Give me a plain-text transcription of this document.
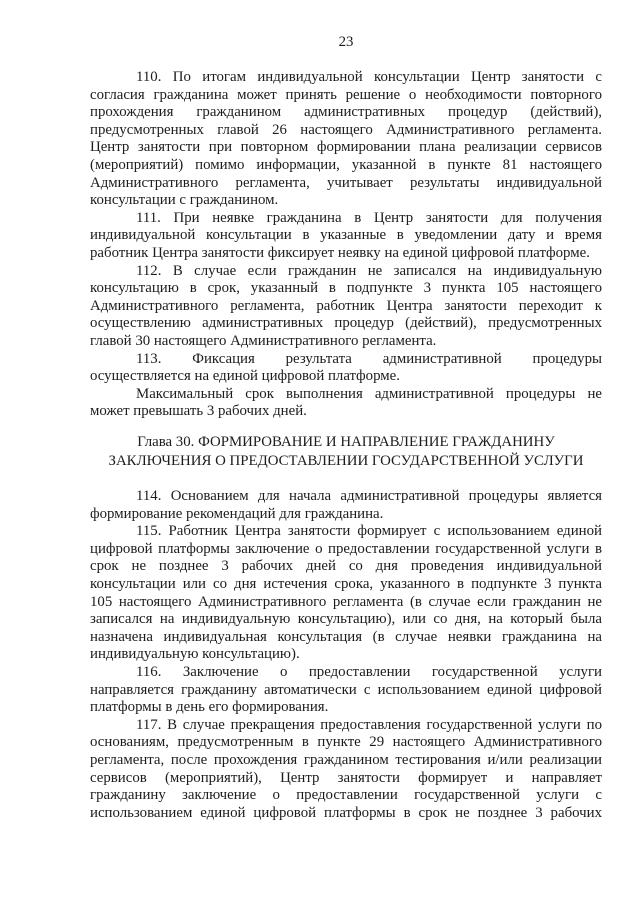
23
110. По итогам индивидуальной консультации Центр занятости с
согласия гражданина может принять решение о необходимости повторного
прохождения гражданином административных процедур (действий),
предусмотренных главой 26 настоящего Административного регламента.
Центр занятости при повторном формировании плана реализации сервисов
(мероприятий) помимо информации, указанной в пункте 81 настоящего
Административного регламента, учитывает результаты индивидуальной
консультации с гражданином.
111. При неявке гражданина в Центр занятости для получения
индивидуальной консультации в указанные в уведомлении дату и время
работник Центра занятости фиксирует неявку на единой цифровой платформе.
112. В случае если гражданин не записался на индивидуальную
консультацию в срок, указанный в подпункте 3 пункта 105 настоящего
Административного регламента, работник Центра занятости переходит к
осуществлению административных процедур (действий), предусмотренных
главой 30 настоящего Административного регламента.
113. Фиксация результата административной процедуры
осуществляется на единой цифровой платформе.
Максимальный срок выполнения административной процедуры не
может превышать 3 рабочих дней.
Глава 30. ФОРМИРОВАНИЕ И НАПРАВЛЕНИЕ ГРАЖДАНИНУ
ЗАКЛЮЧЕНИЯ О ПРЕДОСТАВЛЕНИИ ГОСУДАРСТВЕННОЙ УСЛУГИ
114. Основанием для начала административной процедуры является
формирование рекомендаций для гражданина.
115. Работник Центра занятости формирует с использованием единой
цифровой платформы заключение о предоставлении государственной услуги в
срок не позднее 3 рабочих дней со дня проведения индивидуальной
консультации или со дня истечения срока, указанного в подпункте 3 пункта
105 настоящего Административного регламента (в случае если гражданин не
записался на индивидуальную консультацию), или со дня, на который была
назначена индивидуальная консультация (в случае неявки гражданина на
индивидуальную консультацию).
116. Заключение о предоставлении государственной услуги
направляется гражданину автоматически с использованием единой цифровой
платформы в день его формирования.
117. В случае прекращения предоставления государственной услуги по
основаниям, предусмотренным в пункте 29 настоящего Административного
регламента, после прохождения гражданином тестирования и/или реализации
сервисов (мероприятий), Центр занятости формирует и направляет
гражданину заключение о предоставлении государственной услуги с
использованием единой цифровой платформы в срок не позднее 3 рабочих
